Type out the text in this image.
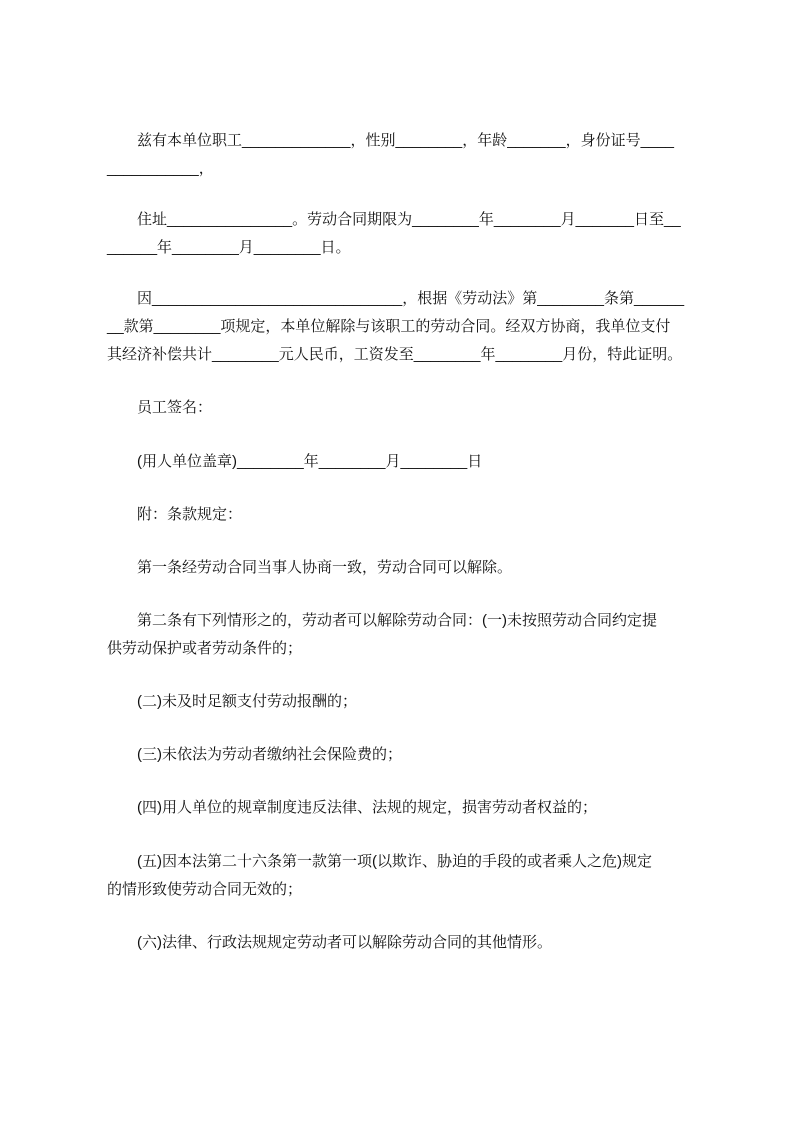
兹有本单位职工_____________，性别________，年龄_______，身份证号____
___________，
住址_______________。劳动合同期限为________年________月_______日至__
______年________月________日。
因______________________________，根据《劳动法》第________条第______
__款第________项规定，本单位解除与该职工的劳动合同。经双方协商，我单位支付
其经济补偿共计________元人民币，工资发至________年________月份，特此证明。
员工签名：
(用人单位盖章)________年________月________日
附：条款规定：
第一条经劳动合同当事人协商一致，劳动合同可以解除。
第二条有下列情形之的，劳动者可以解除劳动合同：(一)未按照劳动合同约定提
供劳动保护或者劳动条件的；
(二)未及时足额支付劳动报酬的；
(三)未依法为劳动者缴纳社会保险费的；
(四)用人单位的规章制度违反法律、法规的规定，损害劳动者权益的；
(五)因本法第二十六条第一款第一项(以欺诈、胁迫的手段的或者乘人之危)规定
的情形致使劳动合同无效的；
(六)法律、行政法规规定劳动者可以解除劳动合同的其他情形。
